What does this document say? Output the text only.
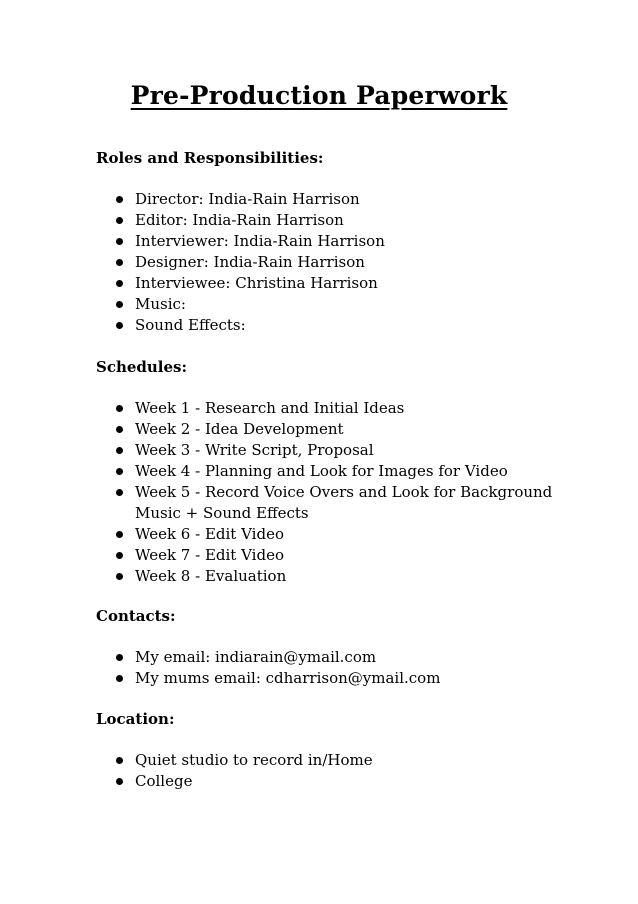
Pre-Production Paperwork
Roles and Responsibilities:
Director: India-Rain Harrison
Editor: India-Rain Harrison
Interviewer: India-Rain Harrison
Designer: India-Rain Harrison
Interviewee: Christina Harrison
Music:
Sound Effects:
Schedules:
Week 1 - Research and Initial Ideas
Week 2 - Idea Development
Week 3 - Write Script, Proposal
Week 4 - Planning and Look for Images for Video
Week 5 - Record Voice Overs and Look for Background Music + Sound Effects
Week 6 - Edit Video
Week 7 - Edit Video
Week 8 - Evaluation
Contacts:
My email: indiarain@ymail.com
My mums email: cdharrison@ymail.com
Location:
Quiet studio to record in/Home
College
